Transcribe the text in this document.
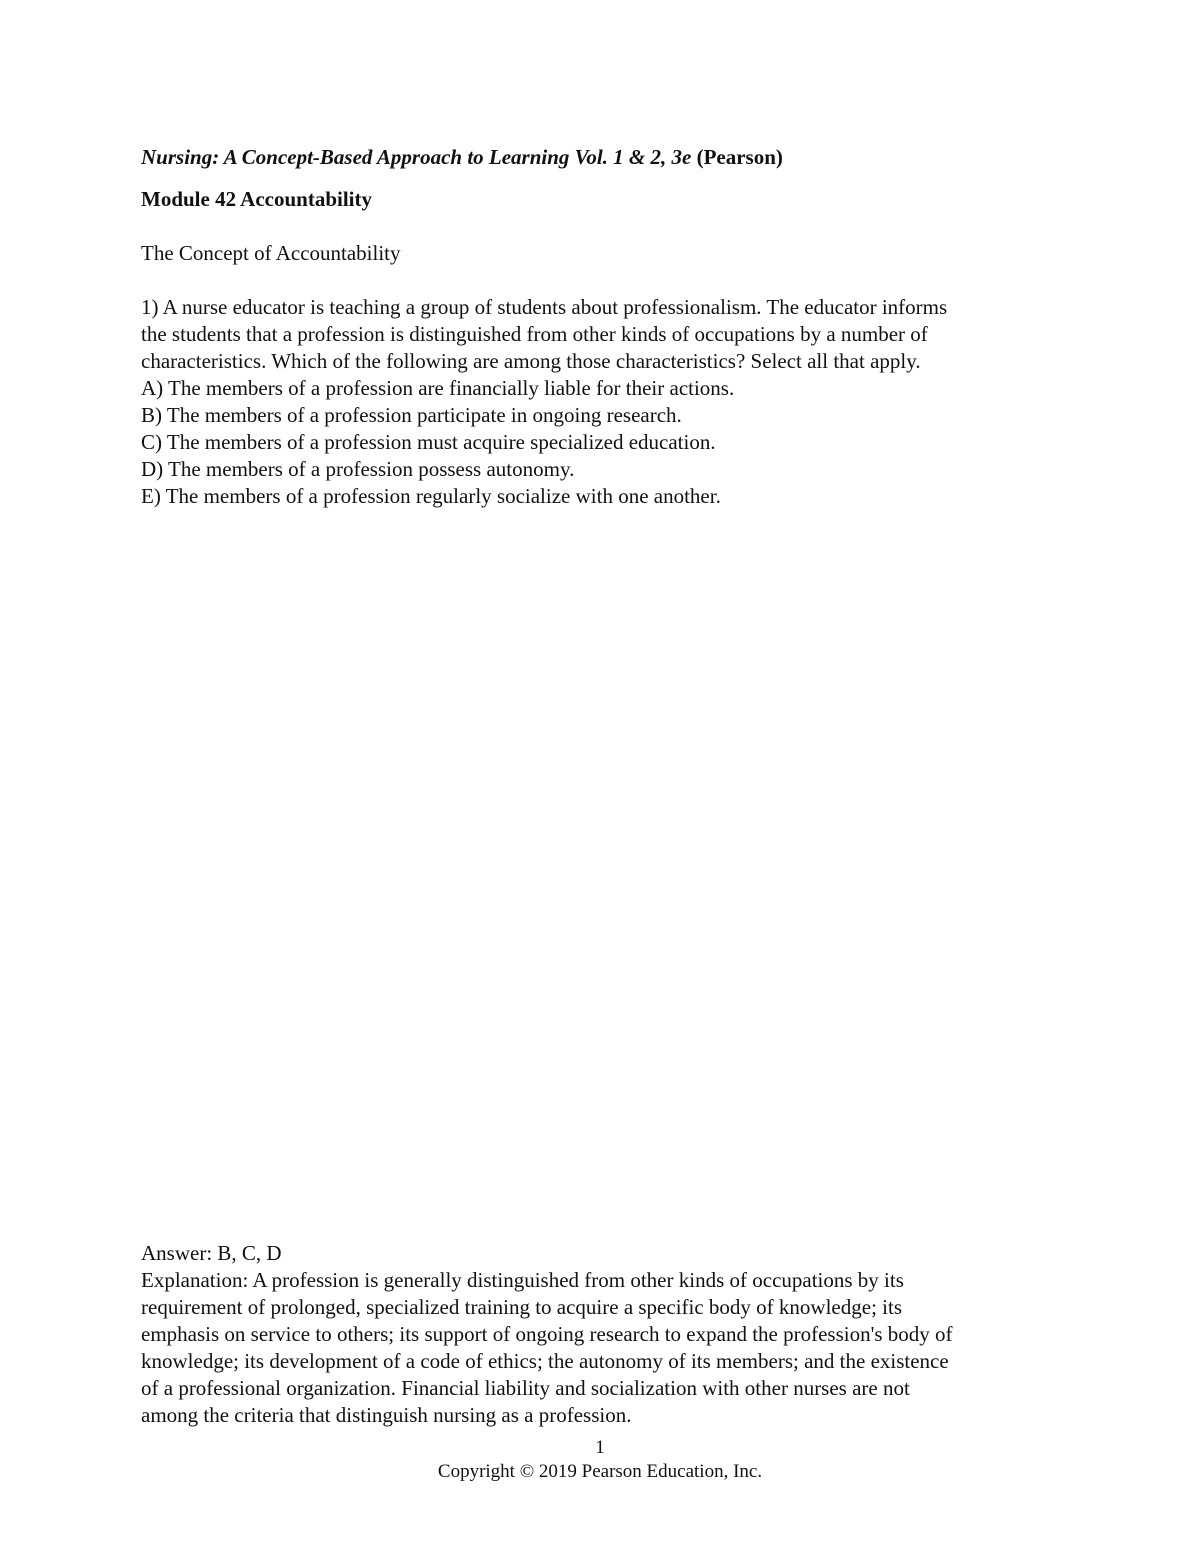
Nursing: A Concept-Based Approach to Learning Vol. 1 & 2, 3e (Pearson)
Module 42 Accountability
The Concept of Accountability
1) A nurse educator is teaching a group of students about professionalism. The educator informs
the students that a profession is distinguished from other kinds of occupations by a number of
characteristics. Which of the following are among those characteristics? Select all that apply.
A) The members of a profession are financially liable for their actions.
B) The members of a profession participate in ongoing research.
C) The members of a profession must acquire specialized education.
D) The members of a profession possess autonomy.
E) The members of a profession regularly socialize with one another.
Answer: B, C, D
Explanation: A profession is generally distinguished from other kinds of occupations by its
requirement of prolonged, specialized training to acquire a specific body of knowledge; its
emphasis on service to others; its support of ongoing research to expand the profession's body of
knowledge; its development of a code of ethics; the autonomy of its members; and the existence
of a professional organization. Financial liability and socialization with other nurses are not
among the criteria that distinguish nursing as a profession.
1
Copyright © 2019 Pearson Education, Inc.
